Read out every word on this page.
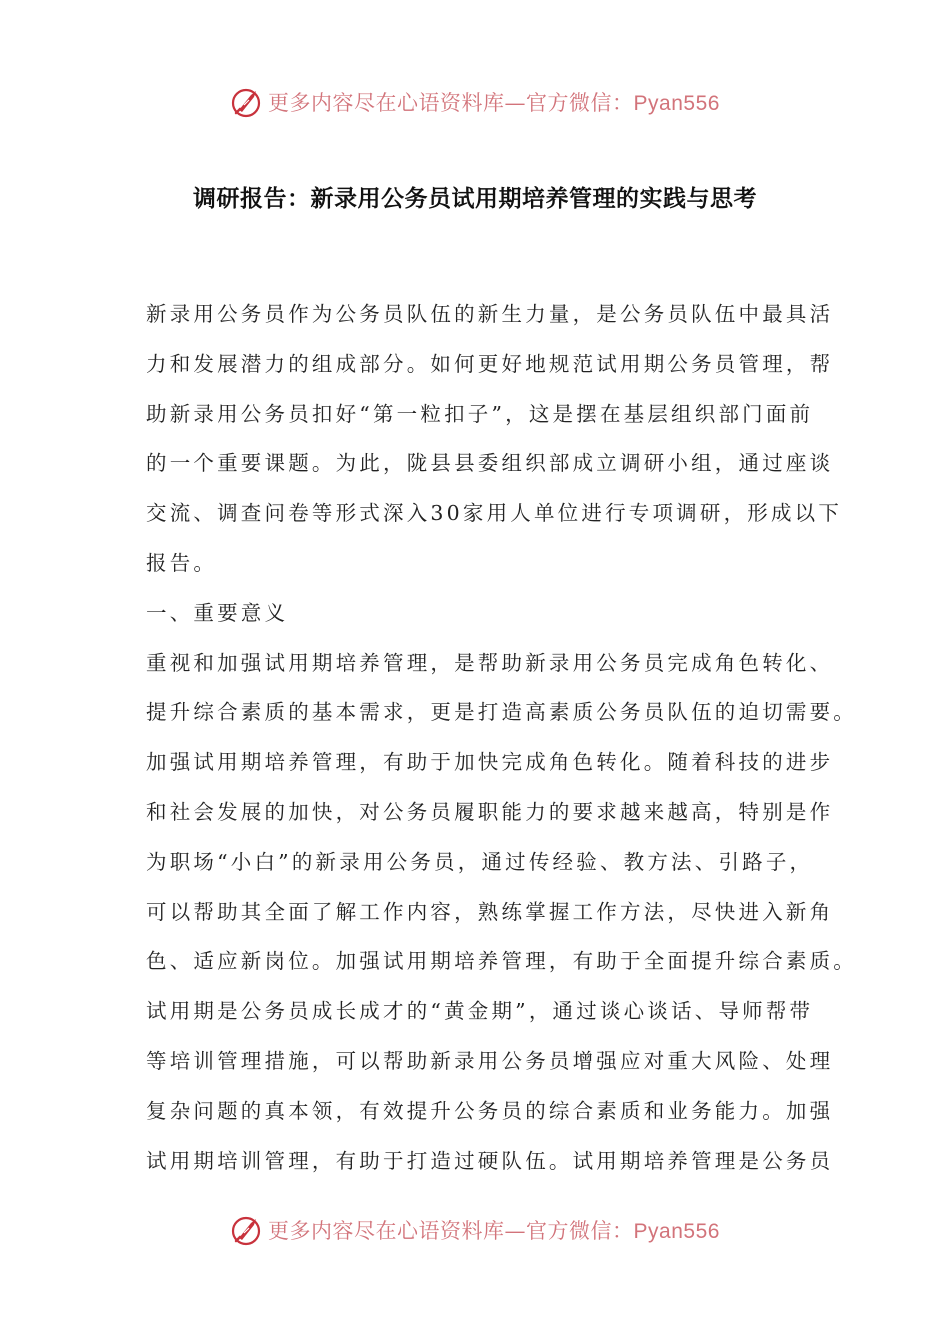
更多内容尽在心语资料库—官方微信：Pyan556
调研报告：新录用公务员试用期培养管理的实践与思考
新录用公务员作为公务员队伍的新生力量，是公务员队伍中最具活
力和发展潜力的组成部分。如何更好地规范试用期公务员管理，帮
助新录用公务员扣好“第一粒扣子”，这是摆在基层组织部门面前
的一个重要课题。为此，陇县县委组织部成立调研小组，通过座谈
交流、调查问卷等形式深入30家用人单位进行专项调研，形成以下
报告。
一、重要意义
重视和加强试用期培养管理，是帮助新录用公务员完成角色转化、
提升综合素质的基本需求，更是打造高素质公务员队伍的迫切需要。
加强试用期培养管理，有助于加快完成角色转化。随着科技的进步
和社会发展的加快，对公务员履职能力的要求越来越高，特别是作
为职场“小白”的新录用公务员，通过传经验、教方法、引路子，
可以帮助其全面了解工作内容，熟练掌握工作方法，尽快进入新角
色、适应新岗位。加强试用期培养管理，有助于全面提升综合素质。
试用期是公务员成长成才的“黄金期”，通过谈心谈话、导师帮带
等培训管理措施，可以帮助新录用公务员增强应对重大风险、处理
复杂问题的真本领，有效提升公务员的综合素质和业务能力。加强
试用期培训管理，有助于打造过硬队伍。试用期培养管理是公务员
更多内容尽在心语资料库—官方微信：Pyan556
